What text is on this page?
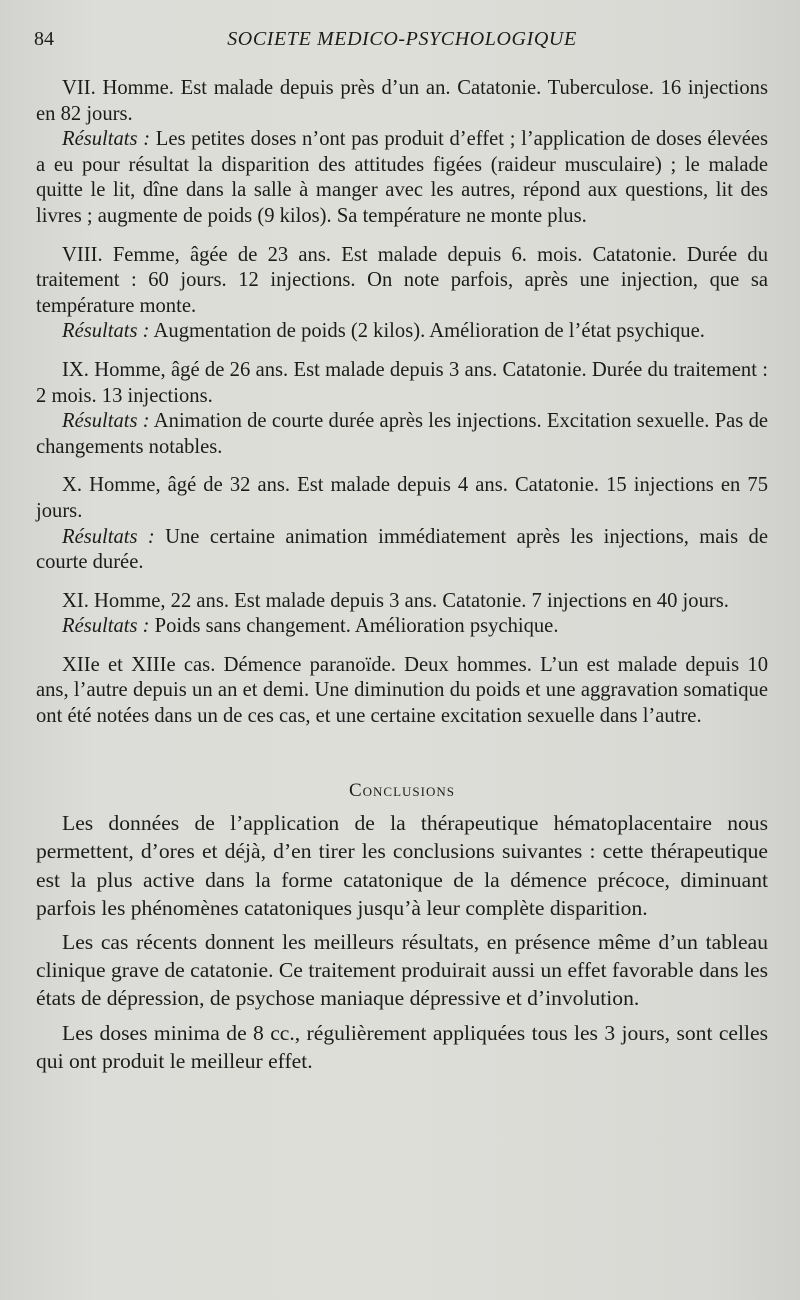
84	SOCIETE MEDICO-PSYCHOLOGIQUE

VII. Homme. Est malade depuis près d’un an. Catatonie. Tuberculose. 16 injections en 82 jours.

Résultats : Les petites doses n’ont pas produit d’effet ; l’application de doses élevées a eu pour résultat la disparition des attitudes figées (raideur musculaire) ; le malade quitte le lit, dîne dans la salle à manger avec les autres, répond aux questions, lit des livres ; augmente de poids (9 kilos). Sa température ne monte plus.

VIII. Femme, âgée de 23 ans. Est malade depuis 6. mois. Catatonie. Durée du traitement : 60 jours. 12 injections. On note parfois, après une injection, que sa température monte.

Résultats : Augmentation de poids (2 kilos). Amélioration de l’état psychique.

IX. Homme, âgé de 26 ans. Est malade depuis 3 ans. Catatonie. Durée du traitement : 2 mois. 13 injections.

Résultats : Animation de courte durée après les injections. Excitation sexuelle. Pas de changements notables.

X. Homme, âgé de 32 ans. Est malade depuis 4 ans. Catatonie. 15 injections en 75 jours.

Résultats : Une certaine animation immédiatement après les injections, mais de courte durée.

XI. Homme, 22 ans. Est malade depuis 3 ans. Catatonie. 7 injections en 40 jours.

Résultats : Poids sans changement. Amélioration psychique.

XIIe et XIIIe cas. Démence paranoïde. Deux hommes. L’un est malade depuis 10 ans, l’autre depuis un an et demi. Une diminution du poids et une aggravation somatique ont été notées dans un de ces cas, et une certaine excitation sexuelle dans l’autre.

Conclusions

Les données de l’application de la thérapeutique hématoplacentaire nous permettent, d’ores et déjà, d’en tirer les conclusions suivantes : cette thérapeutique est la plus active dans la forme catatonique de la démence précoce, diminuant parfois les phénomènes catatoniques jusqu’à leur complète disparition.

Les cas récents donnent les meilleurs résultats, en présence même d’un tableau clinique grave de catatonie. Ce traitement produirait aussi un effet favorable dans les états de dépression, de psychose maniaque dépressive et d’involution.

Les doses minima de 8 cc., régulièrement appliquées tous les 3 jours, sont celles qui ont produit le meilleur effet.
